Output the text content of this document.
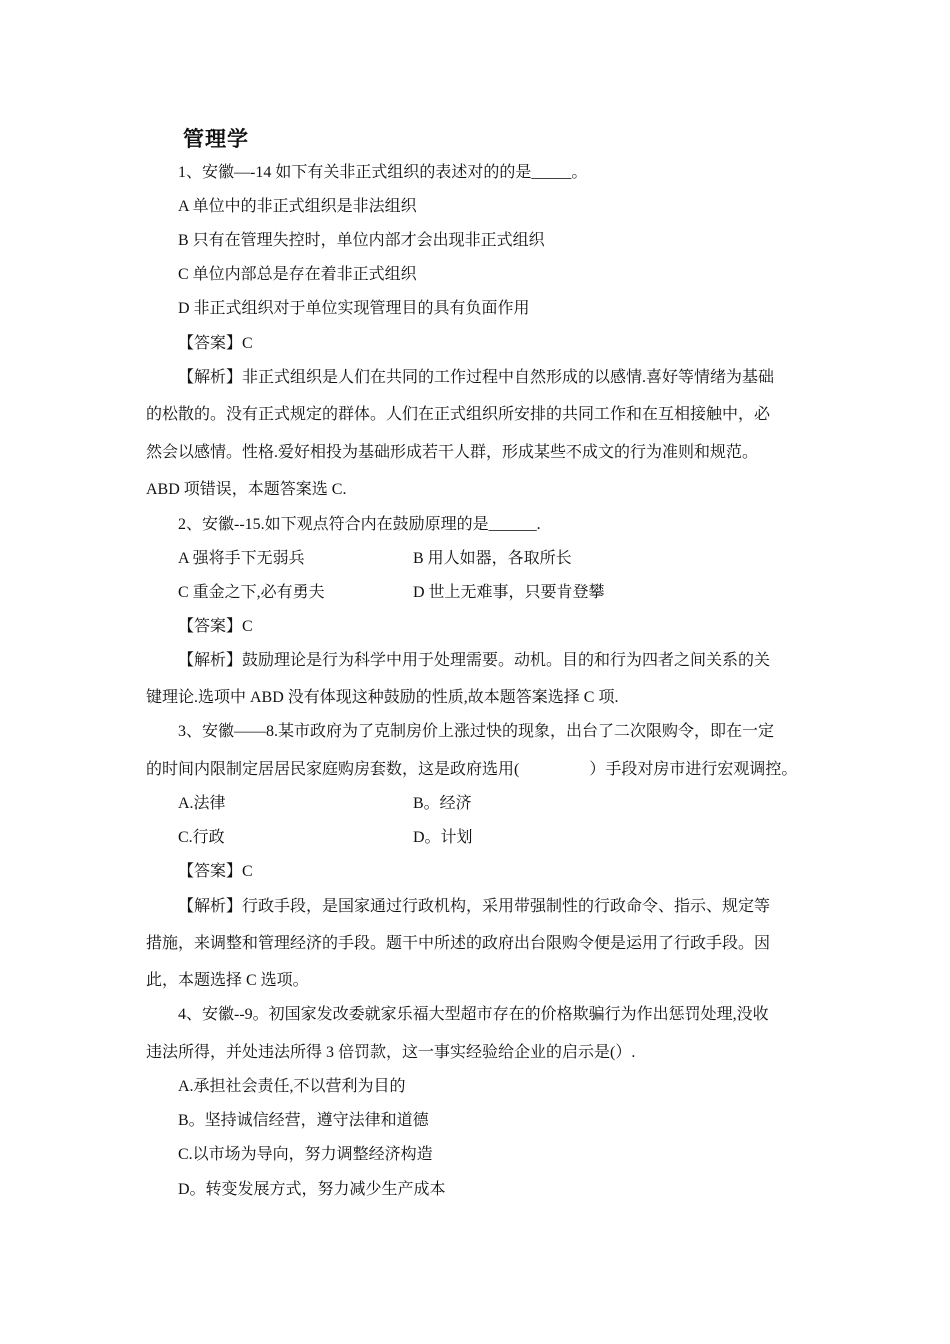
管理学
1、安徽—-14 如下有关非正式组织的表述对的的是_____。
A 单位中的非正式组织是非法组织
B 只有在管理失控时，单位内部才会出现非正式组织
C 单位内部总是存在着非正式组织
D 非正式组织对于单位实现管理目的具有负面作用
【答案】C
【解析】非正式组织是人们在共同的工作过程中自然形成的以感情.喜好等情绪为基础
的松散的。没有正式规定的群体。人们在正式组织所安排的共同工作和在互相接触中，必
然会以感情。性格.爱好相投为基础形成若干人群，形成某些不成文的行为准则和规范。
ABD 项错误，本题答案选 C.
2、安徽--15.如下观点符合内在鼓励原理的是______.
A 强将手下无弱兵	B 用人如器，各取所长
C 重金之下,必有勇夫	D 世上无难事，只要肯登攀
【答案】C
【解析】鼓励理论是行为科学中用于处理需要。动机。目的和行为四者之间关系的关
键理论.选项中 ABD 没有体现这种鼓励的性质,故本题答案选择 C 项.
3、安徽——8.某市政府为了克制房价上涨过快的现象，出台了二次限购令，即在一定
的时间内限制定居居民家庭购房套数，这是政府选用(	）手段对房市进行宏观调控。
A.法律	B。经济
C.行政	D。计划
【答案】C
【解析】行政手段，是国家通过行政机构，采用带强制性的行政命令、指示、规定等
措施，来调整和管理经济的手段。题干中所述的政府出台限购令便是运用了行政手段。因
此，本题选择 C 选项。
4、安徽--9。初国家发改委就家乐福大型超市存在的价格欺骗行为作出惩罚处理,没收
违法所得，并处违法所得 3 倍罚款，这一事实经验给企业的启示是(）.
A.承担社会责任,不以营利为目的
B。坚持诚信经营，遵守法律和道德
C.以市场为导向，努力调整经济构造
D。转变发展方式，努力减少生产成本
